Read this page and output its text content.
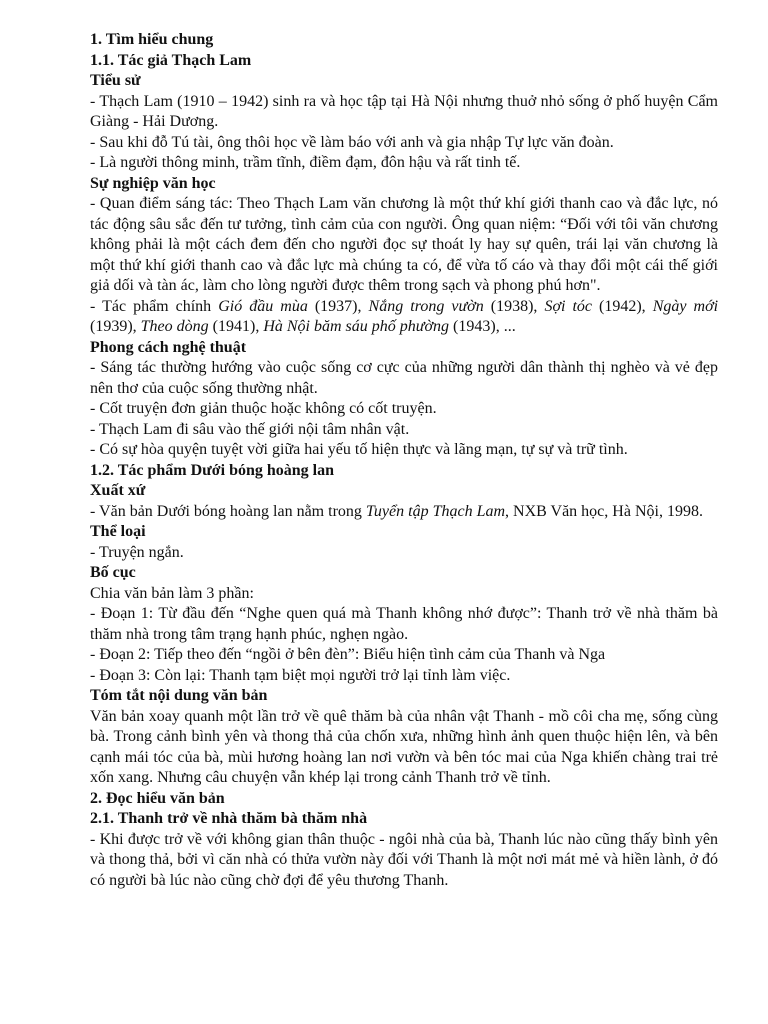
1. Tìm hiểu chung
1.1. Tác giả Thạch Lam
Tiểu sử
- Thạch Lam (1910 – 1942) sinh ra và học tập tại Hà Nội nhưng thuở nhỏ sống ở phố huyện Cẩm Giàng - Hải Dương.
- Sau khi đỗ Tú tài, ông thôi học về làm báo với anh và gia nhập Tự lực văn đoàn.
- Là người thông minh, trầm tĩnh, điềm đạm, đôn hậu và rất tinh tế.
Sự nghiệp văn học
- Quan điểm sáng tác: Theo Thạch Lam văn chương là một thứ khí giới thanh cao và đắc lực, nó tác động sâu sắc đến tư tưởng, tình cảm của con người. Ông quan niệm: “Đối với tôi văn chương không phải là một cách đem đến cho người đọc sự thoát ly hay sự quên, trái lại văn chương là một thứ khí giới thanh cao và đắc lực mà chúng ta có, để vừa tố cáo và thay đổi một cái thế giới giả dối và tàn ác, làm cho lòng người được thêm trong sạch và phong phú hơn".
- Tác phẩm chính Gió đầu mùa (1937), Nắng trong vườn (1938), Sợi tóc (1942), Ngày mới (1939), Theo dòng (1941), Hà Nội băm sáu phố phường (1943), ...
Phong cách nghệ thuật
- Sáng tác thường hướng vào cuộc sống cơ cực của những người dân thành thị nghèo và vẻ đẹp nên thơ của cuộc sống thường nhật.
- Cốt truyện đơn giản thuộc hoặc không có cốt truyện.
- Thạch Lam đi sâu vào thế giới nội tâm nhân vật.
- Có sự hòa quyện tuyệt vời giữa hai yếu tố hiện thực và lãng mạn, tự sự và trữ tình.
1.2. Tác phẩm Dưới bóng hoàng lan
Xuất xứ
- Văn bản Dưới bóng hoàng lan nằm trong Tuyển tập Thạch Lam, NXB Văn học, Hà Nội, 1998.
Thể loại
- Truyện ngắn.
Bố cục
Chia văn bản làm 3 phần:
- Đoạn 1: Từ đầu đến “Nghe quen quá mà Thanh không nhớ được”: Thanh trở về nhà thăm bà thăm nhà trong tâm trạng hạnh phúc, nghẹn ngào.
- Đoạn 2: Tiếp theo đến “ngồi ở bên đèn”: Biểu hiện tình cảm của Thanh và Nga
- Đoạn 3: Còn lại: Thanh tạm biệt mọi người trở lại tỉnh làm việc.
Tóm tắt nội dung văn bản
Văn bản xoay quanh một lần trở về quê thăm bà của nhân vật Thanh - mồ côi cha mẹ, sống cùng bà. Trong cảnh bình yên và thong thả của chốn xưa, những hình ảnh quen thuộc hiện lên, và bên cạnh mái tóc của bà, mùi hương hoàng lan nơi vườn và bên tóc mai của Nga khiến chàng trai trẻ xốn xang. Nhưng câu chuyện vẫn khép lại trong cảnh Thanh trở về tỉnh.
2. Đọc hiểu văn bản
2.1. Thanh trở về nhà thăm bà thăm nhà
- Khi được trở về với không gian thân thuộc - ngôi nhà của bà, Thanh lúc nào cũng thấy bình yên và thong thả, bởi vì căn nhà có thửa vườn này đối với Thanh là một nơi mát mẻ và hiền lành, ở đó có người bà lúc nào cũng chờ đợi để yêu thương Thanh.
